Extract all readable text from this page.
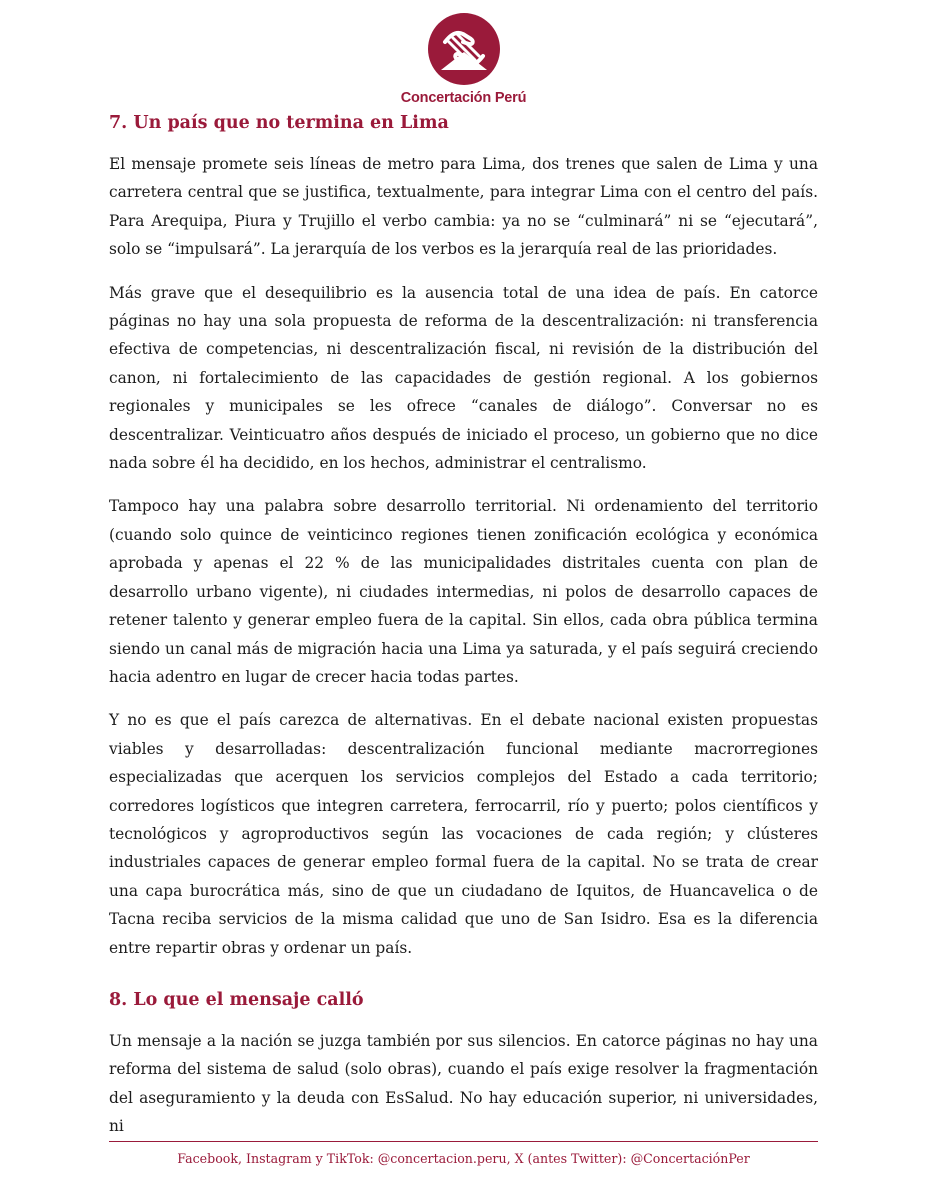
Concertación Perú
7. Un país que no termina en Lima

El mensaje promete seis líneas de metro para Lima, dos trenes que salen de Lima y una carretera central que se justifica, textualmente, para integrar Lima con el centro del país. Para Arequipa, Piura y Trujillo el verbo cambia: ya no se “culminará” ni se “ejecutará”, solo se “impulsará”. La jerarquía de los verbos es la jerarquía real de las prioridades.

Más grave que el desequilibrio es la ausencia total de una idea de país. En catorce páginas no hay una sola propuesta de reforma de la descentralización: ni transferencia efectiva de competencias, ni descentralización fiscal, ni revisión de la distribución del canon, ni fortalecimiento de las capacidades de gestión regional. A los gobiernos regionales y municipales se les ofrece “canales de diálogo”. Conversar no es descentralizar. Veinticuatro años después de iniciado el proceso, un gobierno que no dice nada sobre él ha decidido, en los hechos, administrar el centralismo.

Tampoco hay una palabra sobre desarrollo territorial. Ni ordenamiento del territorio (cuando solo quince de veinticinco regiones tienen zonificación ecológica y económica aprobada y apenas el 22 % de las municipalidades distritales cuenta con plan de desarrollo urbano vigente), ni ciudades intermedias, ni polos de desarrollo capaces de retener talento y generar empleo fuera de la capital. Sin ellos, cada obra pública termina siendo un canal más de migración hacia una Lima ya saturada, y el país seguirá creciendo hacia adentro en lugar de crecer hacia todas partes.

Y no es que el país carezca de alternativas. En el debate nacional existen propuestas viables y desarrolladas: descentralización funcional mediante macrorregiones especializadas que acerquen los servicios complejos del Estado a cada territorio; corredores logísticos que integren carretera, ferrocarril, río y puerto; polos científicos y tecnológicos y agroproductivos según las vocaciones de cada región; y clústeres industriales capaces de generar empleo formal fuera de la capital. No se trata de crear una capa burocrática más, sino de que un ciudadano de Iquitos, de Huancavelica o de Tacna reciba servicios de la misma calidad que uno de San Isidro. Esa es la diferencia entre repartir obras y ordenar un país.

8. Lo que el mensaje calló

Un mensaje a la nación se juzga también por sus silencios. En catorce páginas no hay una reforma del sistema de salud (solo obras), cuando el país exige resolver la fragmentación del aseguramiento y la deuda con EsSalud. No hay educación superior, ni universidades, ni

Facebook, Instagram y TikTok: @concertacion.peru, X (antes Twitter): @ConcertaciónPer
